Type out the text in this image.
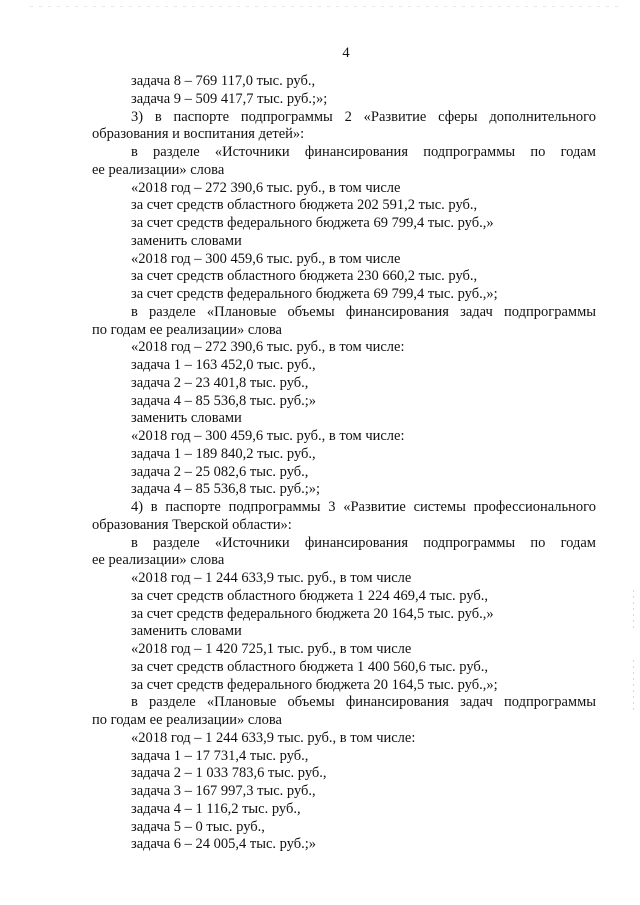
4
задача 8 – 769 117,0 тыс. руб.,
задача 9 – 509 417,7 тыс. руб.;»;
3) в паспорте подпрограммы 2 «Развитие сферы дополнительного
образования и воспитания детей»:
в разделе «Источники финансирования подпрограммы по годам
ее реализации» слова
«2018 год – 272 390,6 тыс. руб., в том числе
за счет средств областного бюджета 202 591,2 тыс. руб.,
за счет средств федерального бюджета 69 799,4 тыс. руб.,»
заменить словами
«2018 год – 300 459,6 тыс. руб., в том числе
за счет средств областного бюджета 230 660,2 тыс. руб.,
за счет средств федерального бюджета 69 799,4 тыс. руб.,»;
в разделе «Плановые объемы финансирования задач подпрограммы
по годам ее реализации» слова
«2018 год – 272 390,6 тыс. руб., в том числе:
задача 1 – 163 452,0 тыс. руб.,
задача 2 – 23 401,8 тыс. руб.,
задача 4 – 85 536,8 тыс. руб.;»
заменить словами
«2018 год – 300 459,6 тыс. руб., в том числе:
задача 1 – 189 840,2 тыс. руб.,
задача 2 – 25 082,6 тыс. руб.,
задача 4 – 85 536,8 тыс. руб.;»;
4) в паспорте подпрограммы 3 «Развитие системы профессионального
образования Тверской области»:
в разделе «Источники финансирования подпрограммы по годам
ее реализации» слова
«2018 год – 1 244 633,9 тыс. руб., в том числе
за счет средств областного бюджета 1 224 469,4 тыс. руб.,
за счет средств федерального бюджета 20 164,5 тыс. руб.,»
заменить словами
«2018 год – 1 420 725,1 тыс. руб., в том числе
за счет средств областного бюджета 1 400 560,6 тыс. руб.,
за счет средств федерального бюджета 20 164,5 тыс. руб.,»;
в разделе «Плановые объемы финансирования задач подпрограммы
по годам ее реализации» слова
«2018 год – 1 244 633,9 тыс. руб., в том числе:
задача 1 – 17 731,4 тыс. руб.,
задача 2 – 1 033 783,6 тыс. руб.,
задача 3 – 167 997,3 тыс. руб.,
задача 4 – 1 116,2 тыс. руб.,
задача 5 – 0 тыс. руб.,
задача 6 – 24 005,4 тыс. руб.;»
